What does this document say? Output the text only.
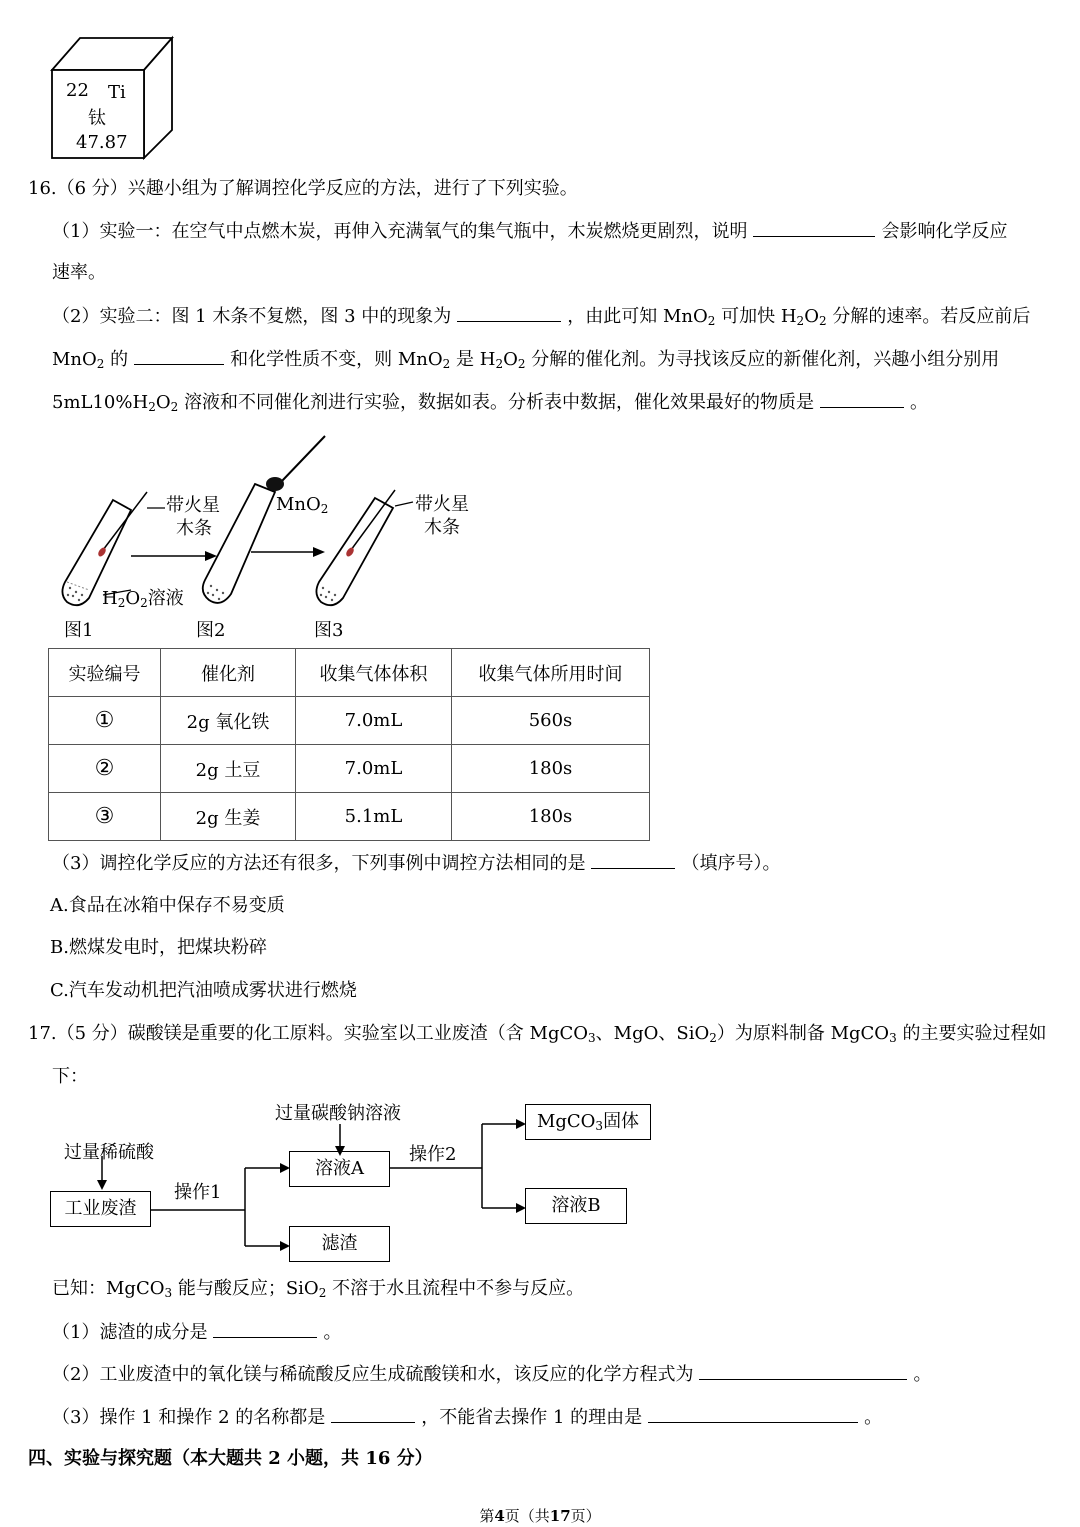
22 Ti
钛
47.87
16.（6 分）兴趣小组为了解调控化学反应的方法，进行了下列实验。
（1）实验一：在空气中点燃木炭，再伸入充满氧气的集气瓶中，木炭燃烧更剧烈，说明	会影响化学反应
速率。
（2）实验二：图 1 木条不复燃，图 3 中的现象为	，由此可知 MnO$_2$ 可加快 $H_2O_2$ 分解的速率。若反应前后
MnO$_2$ 的	和化学性质不变，则 MnO$_2$ 是 $H_2O_2$ 分解的催化剂。为寻找该反应的新催化剂，兴趣小组分别用
$5mL10\%H_2O_2$ 溶液和不同催化剂进行实验，数据如表。分析表中数据，催化效果最好的物质是	。
带火星
木条
MnO$_2$	带火星
木条
$H_2O_2$溶液
图1	图2	图3
实验编号	催化剂	收集气体体积	收集气体所用时间
①	2g 氧化铁	7.0mL	560s
②	2g 土豆	7.0mL	180s
③	2g 生姜	5.1mL	180s
（3）调控化学反应的方法还有很多，下列事例中调控方法相同的是	（填序号）。
A.食品在冰箱中保存不易变质
B.燃煤发电时，把煤块粉碎
C.汽车发动机把汽油喷成雾状进行燃烧
17.（5 分）碳酸镁是重要的化工原料。实验室以工业废渣（含 MgCO$_3$、MgO、SiO$_2$）为原料制备 MgCO$_3$ 的主要实验过程如
下：
过量稀硫酸
过量碳酸钠溶液
工业废渣
操作1
溶液A
滤渣
操作2
MgCO$_3$固体
溶液B
已知：MgCO$_3$ 能与酸反应；SiO$_2$ 不溶于水且流程中不参与反应。
（1）滤渣的成分是	。
（2）工业废渣中的氧化镁与稀硫酸反应生成硫酸镁和水，该反应的化学方程式为	。
（3）操作 1 和操作 2 的名称都是	，不能省去操作 1 的理由是	。
四、实验与探究题（本大题共 2 小题，共 16 分）
第4页（共17页）
